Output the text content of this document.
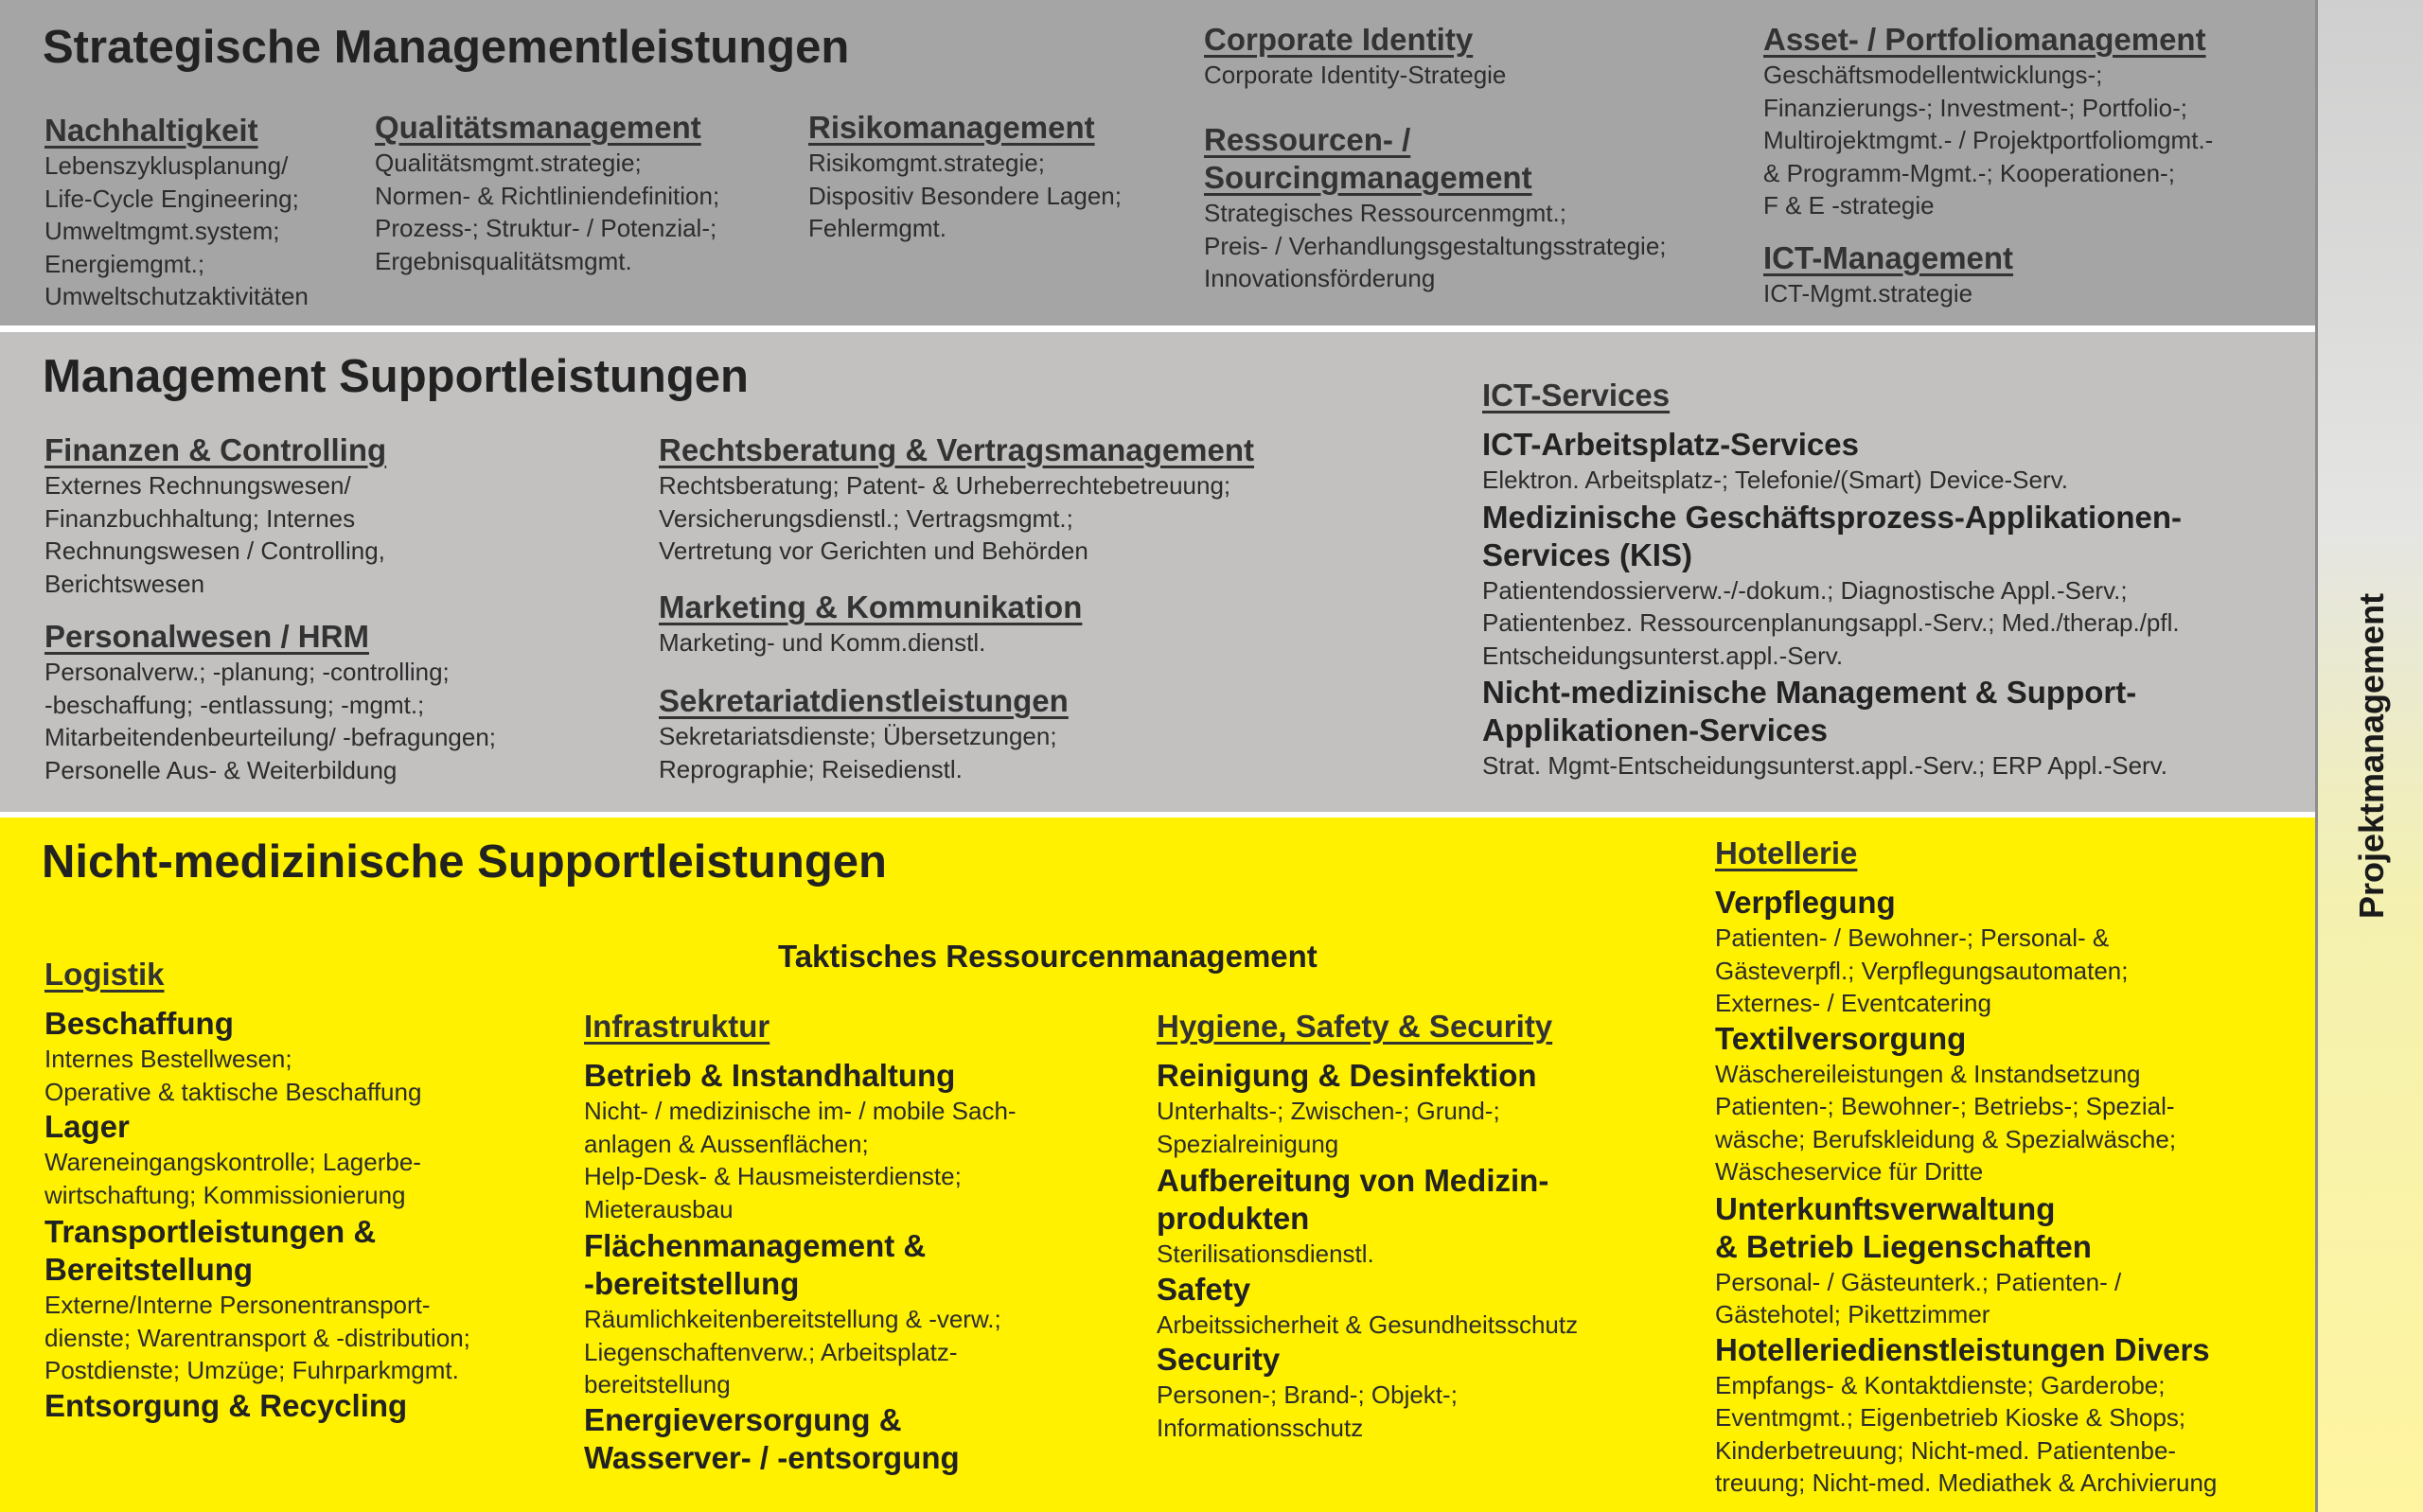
Projektmanagement
Strategische Managementleistungen
Nachhaltigkeit
Lebenszyklusplanung/
Life-Cycle Engineering;
Umweltmgmt.system;
Energiemgmt.;
Umweltschutzaktivitäten
Qualitätsmanagement
Qualitätsmgmt.strategie;
Normen- & Richtliniendefinition;
Prozess-; Struktur- / Potenzial-;
Ergebnisqualitätsmgmt.
Risikomanagement
Risikomgmt.strategie;
Dispositiv Besondere Lagen;
Fehlermgmt.
Corporate Identity
Corporate Identity-Strategie
Ressourcen- /
Sourcingmanagement
Strategisches Ressourcenmgmt.;
Preis- / Verhandlungsgestaltungsstrategie;
Innovationsförderung
Asset- / Portfoliomanagement
Geschäftsmodellentwicklungs-;
Finanzierungs-; Investment-; Portfolio-;
Multirojektmgmt.- / Projektportfoliomgmt.-
& Programm-Mgmt.-; Kooperationen-;
F & E -strategie
ICT-Management
ICT-Mgmt.strategie
Management Supportleistungen
Finanzen & Controlling
Externes Rechnungswesen/
Finanzbuchhaltung; Internes
Rechnungswesen / Controlling,
Berichtswesen
Personalwesen / HRM
Personalverw.; -planung; -controlling;
-beschaffung; -entlassung; -mgmt.;
Mitarbeitendenbeurteilung/ -befragungen;
Personelle Aus- & Weiterbildung
Rechtsberatung & Vertragsmanagement
Rechtsberatung; Patent- & Urheberrechtebetreuung;
Versicherungsdienstl.; Vertragsmgmt.;
Vertretung vor Gerichten und Behörden
Marketing & Kommunikation
Marketing- und Komm.dienstl.
Sekretariatdienstleistungen
Sekretariatsdienste; Übersetzungen;
Reprographie; Reisedienstl.
ICT-Services
ICT-Arbeitsplatz-Services
Elektron. Arbeitsplatz-; Telefonie/(Smart) Device-Serv.
Medizinische Geschäftsprozess-Applikationen-
Services (KIS)
Patientendossierverw.-/-dokum.; Diagnostische Appl.-Serv.;
Patientenbez. Ressourcenplanungsappl.-Serv.; Med./therap./pfl.
Entscheidungsunterst.appl.-Serv.
Nicht-medizinische Management & Support-
Applikationen-Services
Strat. Mgmt-Entscheidungsunterst.appl.-Serv.; ERP Appl.-Serv.
Nicht-medizinische Supportleistungen
Taktisches Ressourcenmanagement
Logistik
Beschaffung
Internes Bestellwesen;
Operative & taktische Beschaffung
Lager
Wareneingangskontrolle; Lagerbe-
wirtschaftung; Kommissionierung
Transportleistungen &
Bereitstellung
Externe/Interne Personentransport-
dienste; Warentransport & -distribution;
Postdienste; Umzüge; Fuhrparkmgmt.
Entsorgung & Recycling
Infrastruktur
Betrieb & Instandhaltung
Nicht- / medizinische im- / mobile Sach-
anlagen & Aussenflächen;
Help-Desk- & Hausmeisterdienste;
Mieterausbau
Flächenmanagement &
-bereitstellung
Räumlichkeitenbereitstellung & -verw.;
Liegenschaftenverw.; Arbeitsplatz-
bereitstellung
Energieversorgung &
Wasserver- / -entsorgung
Hygiene, Safety & Security
Reinigung & Desinfektion
Unterhalts-; Zwischen-; Grund-;
Spezialreinigung
Aufbereitung von Medizin-
produkten
Sterilisationsdienstl.
Safety
Arbeitssicherheit & Gesundheitsschutz
Security
Personen-; Brand-; Objekt-;
Informationsschutz
Hotellerie
Verpflegung
Patienten- / Bewohner-; Personal- &
Gästeverpfl.; Verpflegungsautomaten;
Externes- / Eventcatering
Textilversorgung
Wäschereileistungen & Instandsetzung
Patienten-; Bewohner-; Betriebs-; Spezial-
wäsche; Berufskleidung & Spezialwäsche;
Wäscheservice für Dritte
Unterkunftsverwaltung
& Betrieb Liegenschaften
Personal- / Gästeunterk.; Patienten- /
Gästehotel; Pikettzimmer
Hotelleriedienstleistungen Divers
Empfangs- & Kontaktdienste; Garderobe;
Eventmgmt.; Eigenbetrieb Kioske & Shops;
Kinderbetreuung; Nicht-med. Patientenbe-
treuung; Nicht-med. Mediathek & Archivierung
